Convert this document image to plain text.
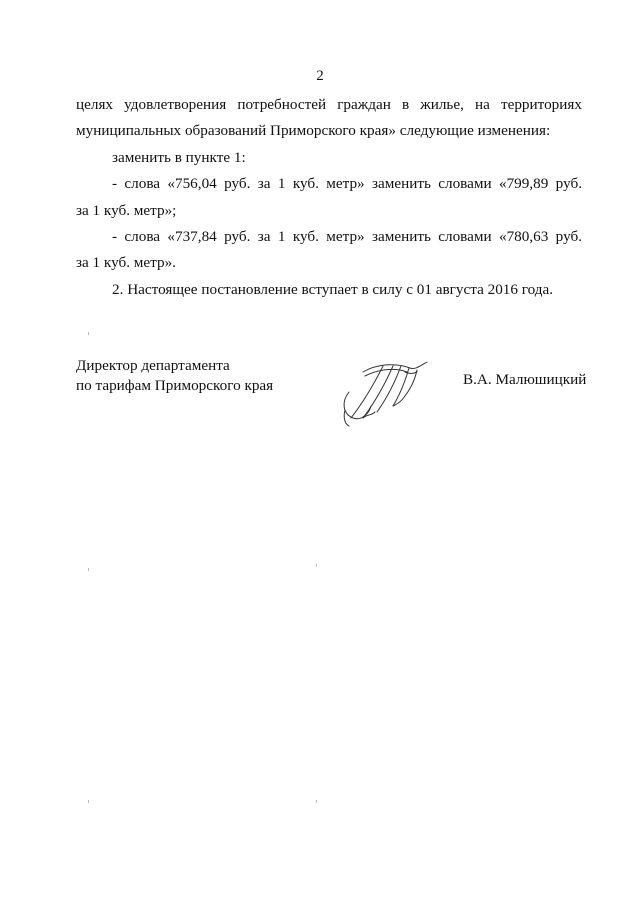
2

целях удовлетворения потребностей граждан в жилье, на территориях

муниципальных образований Приморского края» следующие изменения:

заменить в пункте 1:

- слова «756,04 руб. за 1 куб. метр» заменить словами «799,89 руб.

за 1 куб. метр»;

- слова «737,84 руб. за 1 куб. метр» заменить словами «780,63 руб.

за 1 куб. метр».

2. Настоящее постановление вступает в силу с 01 августа 2016 года.

Директор департамента
по тарифам Приморского края	В.А. Малюшицкий
